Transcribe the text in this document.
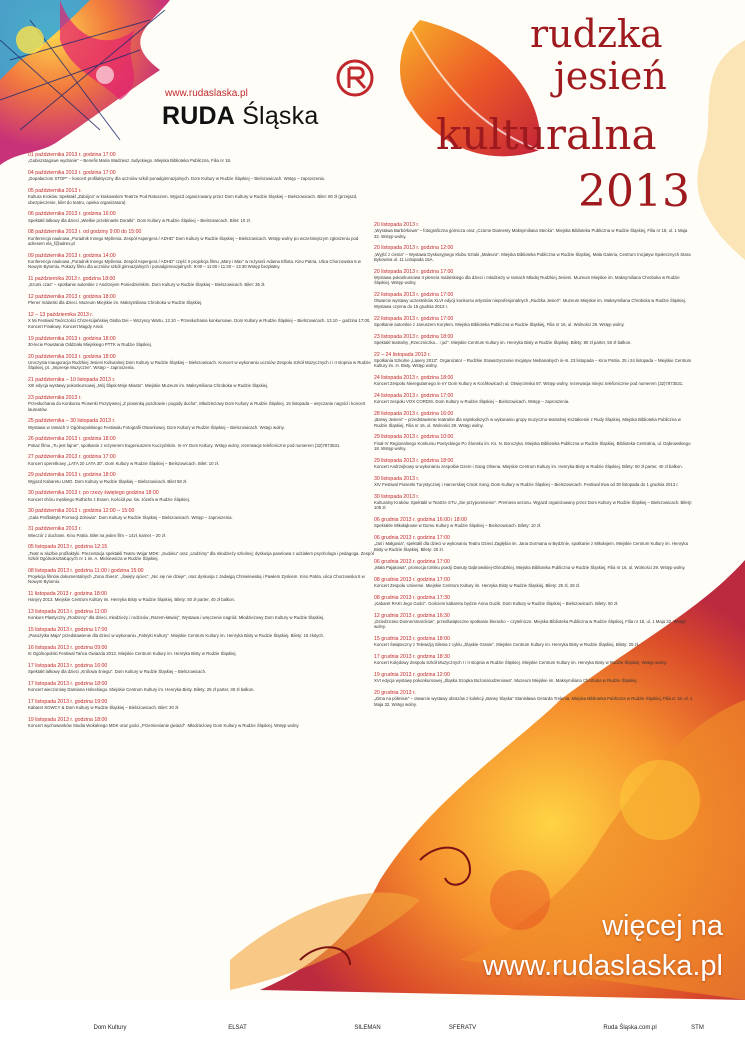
www.rudaslaska.pl
RUDA Śląska
rudzka
jesień
kulturalna
2013
01 października 2013 r. godzina 17:00
„Gubiszstagowe wydranie” – Benefis Maria Wadziesz Judyckiego. Miejska Biblioteka Publiczna, Filia nr 18.
04 października 2013 r. godzina 17:00
„Dopalaczom STOP” – koncert profilaktyczny dla uczniów szkół ponadgimnazjalnych. Dom Kultury w Rudzie Śląskiej – Bielszowicach. Wstęp – zaproszenia.
05 października 2013 r.
Kultura Kroków. Spektakl „Zabójca” w krakowskim Teatrze Pod Ratuszem. Wyjazd organizowany przez Dom Kultury w Rudzie Śląskiej – Bielszowicach. Bilet: 80 zł (przejazd, ubezpieczenie, bilet do teatru, opieka organizatora)
06 października 2013 r. godzina 16:00
Spektakl lalkowy dla dzieci „Wielkie przebinanki Doratki”. Dom Kultury w Rudzie Śląskiej – Bielszowicach. Bilet: 10 zł.
08 października 2013 r. od godziny 9:00 do 15:00
Konferencja naukowa „Poradnik Innego Myślenia. Zespół Aspergera / ADHD” Dom Kultury w Rudzie Śląskiej – Bielszowicach. Wstęp wolny po wcześniejszym zgłoszeniu pod adresem ela_f@adres.pl
09 października 2013 r. godzina 14:00
Konferencja naukowa „Poradnik Innego Myślenia. Zespół Aspergera / ADHD” część II projekcja filmu „Mary i Max” w reżyserii Adama Elliota. Kino Patria, Ulica Chorzowska 5 w Nowym Bytomiu. Pokazy filmu dla uczniów szkół gimnazjalnych i ponadgimnazjalnych: 9:00 – 11:00 i 11:30 – 13:30 Wstęp bezpłatny.
11 października 2013 r. godzina 18:00
„Szumi czas” – spotkanie autorskie z Andrzejem Poniedzielskim. Dom Kultury w Rudzie Śląskiej – Bielszowicach. Bilet: 35 zł.
12 października 2013 r. godzina 18:00
Plener malarski dla dzieci. Muzeum Miejskie im. Maksymiliana Chroboka w Rudzie Śląskiej.
12 – 13 października 2013 r.
X Mi Festiwal Twórczości Chrześcijańskiej Głoba Dei – Wszyscy Wartu. 12.10 – Przesłuchania konkursowe. Dom Kultury w Rudzie Śląskiej – Bielszowicach. 13.10 – godzina 17:00, Koncert Finałowy. Koncert Magdy Anioł.
19 października 2013 r. godzina 18:00
30-lecie Powstania Oddziału Miejskiego PTTK w Rudzie Śląskiej.
20 października 2013 r. godzina 18:00
Uroczysta Inauguracja Rudzkiej Jesieni Kulturalnej Dom Kultury w Rudzie Śląskiej – Bielszowicach. Koncert w wykonaniu uczniów Zespołu Szkół Muzycznych I i II stopnia w Rudzie Śląskiej, pt. „Impresje Muzyczne”. Wstęp – zaproszenia.
21 października – 10 listopada 2013 r.
XIII edycja wystawy pokonkursowej „Mój Śląsk-Moje Miasto”. Miejskie Muzeum im. Maksymiliana Chroboka w Rudzie Śląskiej.
23 października 2013 r.
Przesłuchania do Konkursu Piosenki Pozytywnej „Z piosenką pozdrowie i pogody ducha”. Młodzieżowy Dom Kultury w Rudzie Śląskiej. 15 listopada – wręczanie nagród i koncert laureatów.
25 października – 30 listopada 2013 r.
Wystawa w ramach V Ogólnopolskiego Festiwalu Fotografii Otworkowej. Dom Kultury w Rudzie Śląskiej – Bielszowicach. Wstęp wolny.
26 października 2013 r. godzina 18:00
Pokaz filmu „Tu jest fajnie”, spotkanie z reżyserem Eugeniuszem Kuczyńskim. In-nY Dom Kultury. Wstęp wolny, rezerwacje telefoniczne pod numerem (32)7873531.
27 października 2013 r. godzina 17:00
Koncert operetkowy „LATA 20 LATA 30”. Dom Kultury w Rudzie Śląskiej – Bielszowicach. Bilet: 10 zł.
29 października 2013 r. godzina 18:00
Wyjazd Kabaretu LIMO. Dom Kultury w Rudzie Śląskiej – Bielszowicach. Bilet 58 zł.
30 października 2013 r. po rzezy świętego godzina 18:00
Koncert chóru męskiego Ruthichs z Essen. Kościół pw. św. Józefa w Rudzie Śląskiej.
30 października 2013 r. godzina 12:00 – 15:00
„Gala Profilaktyki Promocji Zdrowia”. Dom Kultury w Rudzie Śląskiej – Bielszowicach. Wstęp – zaproszenia.
31 października 2013 r.
Wieczór z duchami. Kino Patria. Bilet na jeden film – 14zł, karnet – 20 zł.
05 listopada 2013 r. godzina 12:15
„Teatr w służbie profilaktyki. Prezentacja spektakli Teatru Wojar MDK: „Sudoku” oraz „Uodzimy” dla młodzieży szkolnej; dyskusja panelowa z udziałem psychologa i pedagoga. Zespół Szkół Ogólnokształcących nr 1 im. A. Mickiewicza w Rudzie Śląskiej.
08 listopada 2013 r. godzina 11:00 i godzina 15:00
Projekcja filmów dokumentalnych „Zona zbiera”, „Święty ojciec”, „Nic się nie dzieje”, oraz dyskusja z Jadwigą Chmielewską i Pawłem Zyskiem. Kino Patria, ulica Chorzowska 5 w Nowym Bytomiu.
11 listopada 2013 r. godzina 18:00
Hanyry 2013. Miejskie Centrum Kultury im. Henryka Bisty w Rudzie Śląskiej. Bilety: 50 zł parter, 40 zł balkon.
13 listopada 2013 r. godzina 11:00
Konkurs Plastyczny „Rodzinny” dla dzieci, młodzieży i rodziców „Razem-łatwiej”. Wystawa i wręczenie nagród. Młodzieżowy Dom Kultury w Rudzie Śląskiej.
15 listopada 2013 r. godzina 17:00
„Pasożytka Maja” przedstawienie dla dzieci w wykonaniu „Fabryki Kultury”. Miejskie Centrum Kultury im. Henryka Bisty w Rudzie Śląskiej. Bilety: 15 złotych.
16 listopada 2013 r. godzina 09:00
III Ogólnopolski Festiwal Tańca Gwiazda 2013. Miejskie Centrum Kultury im. Henryka Bisty w Rudzie Śląskiej.
17 listopada 2013 r. godzina 16:00
Spektakl lalkowy dla dzieci „Królowa śniegu”. Dom Kultury w Rudzie Śląskiej – Bielszowicach.
17 listopada 2013 r. godzina 18:00
Koncert wieczorowy Damiana Holeckiego. Miejskie Centrum Kultury im. Henryka Bisty. Bilety: 25 zł parter, 30 zł balkon.
17 listopada 2013 r. godzina 19:00
Kabaret SOWCY & Dom Kultury w Rudzie Śląskiej – Bielszowicach. Bilet: 30 zł.
19 listopada 2013 r. godzina 18:00
Koncert wychowanków Studia Wokalnego MDK oraz gości „Przemienianie gwiazd”. Młodzieżowy Dom Kultury w Rudzie Śląskiej. Wstęp wolny.
20 listopada 2013 r.
„Wystawa Barbórkowa” – fotograficzna górnicza oraz „Czarne Diamenty Maksymiliana Stecka”. Miejska Biblioteka Publiczna w Rudzie Śląskiej, Filia nr 18, ul. 1 Maja 32. Wstęp wolny.
20 listopada 2013 r. godzina 12:00
„Wyjść z cienia” – Wystawa Dyskusyjnego Klubu Sztuki „Maleura”. Miejska Biblioteka Publiczna w Rudzie Śląskiej, Mała Galeria, Centrum Inicjatyw Społecznych Stara Bykowina ul. 11 Listopada 15A.
20 listopada 2013 r. godzina 17:00
Wystawa pokonkursowa II plenera malarskiego dla dzieci i młodzieży w ramach Młodej Rudzkiej Jesieni. Muzeum Miejskie im. Maksymiliana Chroboka w Rudzie Śląskiej. Wstęp wolny.
22 listopada 2013 r. godzina 17:00
Otwarcie wystawy uczestników XLVI edycji konkursu artystów nieprofesjonalnych „Rudzka Jesień”. Muzeum Miejskie im. Maksymiliana Chroboka w Rudzie Śląskiej. Wystawa czynna do 15 grudnia 2013 r.
22 listopada 2013 r. godzina 17:00
Spotkanie autorskie z Januszem Koryłem. Miejska Biblioteka Publiczna w Rudzie Śląskiej, Filia nr 16, ul. Wolności 29. Wstęp wolny.
23 listopada 2013 r. godzina 18:00
Spektakl teatralny „Rzeczniczka... i już”. Miejskie Centrum Kultury im. Henryka Bisty w Rudzie Śląskiej. Bilety: 80 zł parter, 50 zł balkon.
22 – 24 listopada 2013 r.
Spotkania Szkolne „Lasery 2013”. Organizator – Rudzkie Stowarzyszenie Inicjatyw Niebanalnych in-nI. 23 listopada – Kino Patria. 25 i 24 listopada – Miejskie Centrum Kultury im. H. Bisty. Wstęp wolny.
24 listopada 2013 r. godzina 18:00
Koncert Zespołu Nieregularnego in-nY Dom Kultury w Kochłowicach ul. Otwięcimska 87. Wstęp wolny, rezerwacja miejsc telefonicznie pod numerem (32)7873531.
24 listopada 2013 r. godzina 17:00
Koncert zespołu VOX CORDIS. Dom Kultury w Rudzie Śląskiej – Bielszowicach. Wstęp – zaproszenia.
28 listopada 2013 r. godzina 16:00
„Barwy Jesieni” – przedstawienie teatralne dla najmłodszych w wykonaniu grupy muzyczno-teatralnej Kształcenie z Rudy Śląskiej. Miejska Biblioteka Publiczna w Rudzie Śląskiej, Filia nr 16, ul. Wolności 29. Wstęp wolny.
29 listopada 2013 r. godzina 10:00
Finał IV Regionalnego Konkursu Poetyckiego Po Ślonsku im. Ks. N. Bonczyka. Miejska Biblioteka Publiczna w Rudzie Śląskiej, Biblioteka Centralna, ul. Dąbrowskiego 18. Wstęp wolny.
29 listopada 2013 r. godzina 18:00
Koncert Andrzejkowy w wykonaniu zespołów Dzem i Gang Olsena. Miejskie Centrum Kultury im. Henryka Bisty w Rudzie Śląskiej. Bilety: 50 zł parter, 40 zł balkon.
30 listopada 2013 r.
XIV Festiwal Piosenki Turystycznej i Harcerskiej Cmok Song. Dom Kultury w Rudzie Śląskiej – Bielszowicach. Festiwal trwa od 30 listopada do 1 grudnia 2013 r.
30 listopada 2013 r.
Kulturalny Kraków. Spektakl w Teatrze STU „Sie przypomnienie”. Premiera sezonu. Wyjazd organizowany przez Dom Kultury w Rudzie Śląskiej – Bielszowicach. Bilety: 105 zł
06 grudnia 2013 r. godzina 16:00 i 18:00
Spektakle Mikołajkowe w Domu Kultury w Rudzie Śląskiej – Bielszowicach. Bilety: 10 zł.
06 grudnia 2013 r. godzina 17:00
„Jaś i Małgosia”, spektakl dla dzieci w wykonaniu Teatru Dzieci Zagłębia im. Jana Dormana w Będzinie, spotkanie z Mikołajem. Miejskie Centrum Kultury im. Henryka Bisty w Rudzie Śląskiej. Bilety: 20 zł.
06 grudnia 2013 r. godzina 17:00
„Mała Pająkowa”, promocja tomiku poezji Danuty Dąbrowskiej-Obrodzkiej. Miejska Biblioteka Publiczna w Rudzie Śląskiej, Filia nr 16, ul. Wolności 29. Wstęp wolny.
08 grudnia 2013 r. godzina 17:00
Koncert Zespołu Universe. Miejskie Centrum Kultury im. Henryka Bisty w Rudzie Śląskiej. Bilety: 25 zł, 28 zł.
08 grudnia 2013 r. godzina 17:30
„Kabaret RAKI Jego Gości”. Gościem kabaretu będzie Anna Guzik. Dom Kultury w Rudzie Śląskiej – Bielszowicach. Bilety: 50 zł.
12 grudnia 2013 r. godzina 16:30
„Dziedzictwo Donnersmarcków”, przedświąteczne spotkanie literacko – czytelnicze. Miejska Biblioteka Publiczna w Rudzie Śląskiej, Filia nr 18, ul. 1 Maja 32. Wstęp wolny.
15 grudnia 2013 r. godzina 18:00
Koncert Świąteczny z Telewizją Silesia z cyklu „Śląskie Granie”. Miejskie Centrum Kultury im. Henryka Bisty w Rudzie Śląskiej. Bilety: 25 zł.
17 grudnia 2013 r. godzina 18:30
Koncert Kolędowy Zespołu Szkół Muzycznych I i II stopnia w Rudzie Śląskiej. Miejskie Centrum Kultury im. Henryka Bisty w Rudzie Śląskiej. Wstęp wolny.
19 grudnia 2013 r. godzina 12:00
XVI edycja wystawy pokonkursowej „Śląska Szopka Bożonarodzeniowa”. Muzeum Miejskie im. Maksymiliana Chroboka w Rudzie Śląskiej.
20 grudnia 2013 r.
„Zima na półmisie” – otwarcie wystawy obrazów z kolekcji „Barwy Śląska” Stanisława Gerarda Trelenia. Miejska Biblioteka Publiczna w Rudzie Śląskiej, Filia nr 18, ul. 1 Maja 32. Wstęp wolny.
więcej na
www.rudaslaska.pl
Dom Kultury	ELSAT	SILEMAN	SFERATV	Ruda Śląska.com.pl	STM
